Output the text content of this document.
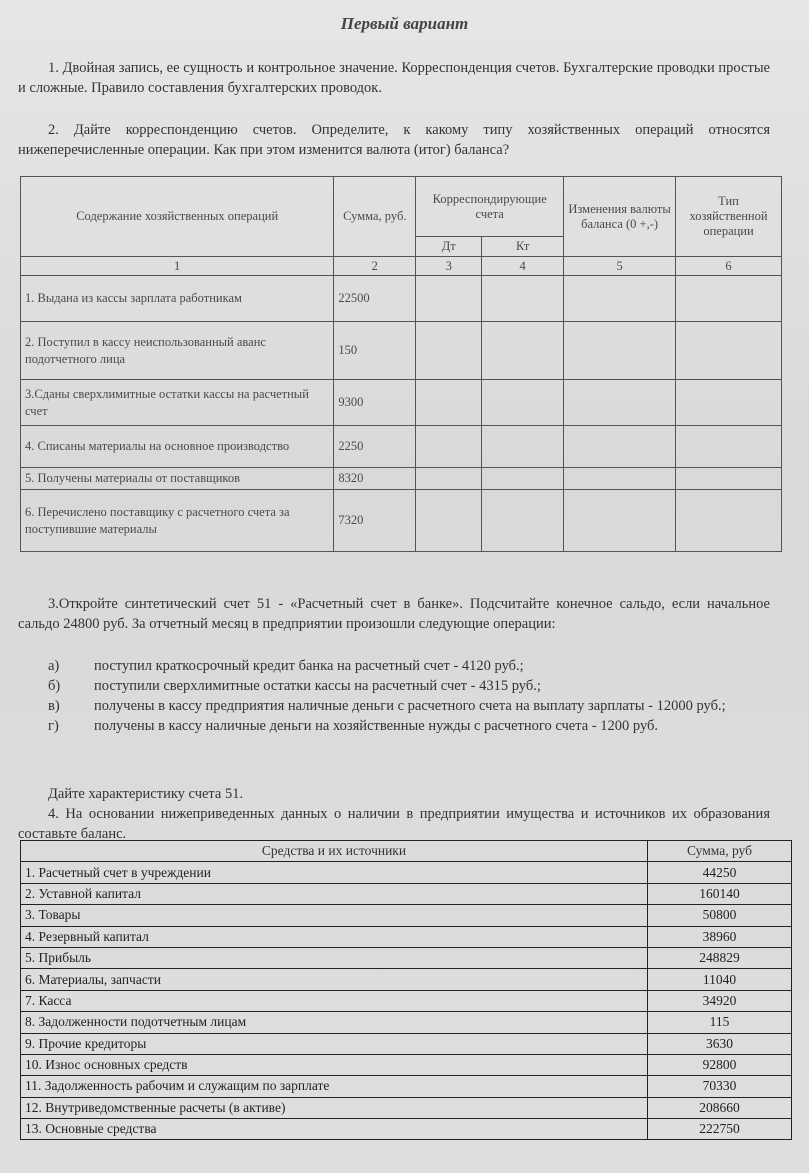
Первый вариант
1. Двойная запись, ее сущность и контрольное значение. Корреспонденция счетов. Бухгалтерские проводки простые и сложные. Правило составления бухгалтерских проводок.
2. Дайте корреспонденцию счетов. Определите, к какому типу хозяйственных операций относятся нижеперечисленные операции. Как при этом изменится валюта (итог) баланса?
Содержание хозяйственных операций	Сумма, руб.	Корреспондирующие счета		Изменения валюты баланса (0 +,-)	Тип хозяйственной операции
		Дт	Кт		
1	2	3	4	5	6
1. Выдана из кассы зарплата работникам	22500				
2. Поступил в кассу неиспользованный аванс подотчетного лица	150				
3.Сданы сверхлимитные остатки кассы на расчетный счет	9300				
4. Списаны материалы на основное производство	2250				
5. Получены материалы от поставщиков	8320				
6. Перечислено поставщику с расчетного счета за поступившие материалы	7320				
3.Откройте синтетический счет 51 - «Расчетный счет в банке». Подсчитайте конечное сальдо, если начальное сальдо 24800 руб. За отчетный месяц в предприятии произошли следующие операции:
а)	поступил краткосрочный кредит банка на расчетный счет - 4120 руб.;
б)	поступили сверхлимитные остатки кассы на расчетный счет - 4315 руб.;
в)	получены в кассу предприятия наличные деньги с расчетного счета на выплату зарплаты - 12000 руб.;
г)	получены в кассу наличные деньги на хозяйственные нужды с расчетного счета - 1200 руб.
Дайте характеристику счета 51.
4. На основании нижеприведенных данных о наличии в предприятии имущества и источников их образования составьте баланс.
Средства и их источники	Сумма, руб
1. Расчетный счет в учреждении	44250
2. Уставной капитал	160140
3. Товары	50800
4. Резервный капитал	38960
5. Прибыль	248829
6. Материалы, запчасти	11040
7. Касса	34920
8. Задолженности подотчетным лицам	115
9. Прочие кредиторы	3630
10. Износ основных средств	92800
11. Задолженность рабочим и служащим по зарплате	70330
12. Внутриведомственные расчеты (в активе)	208660
13. Основные средства	222750
